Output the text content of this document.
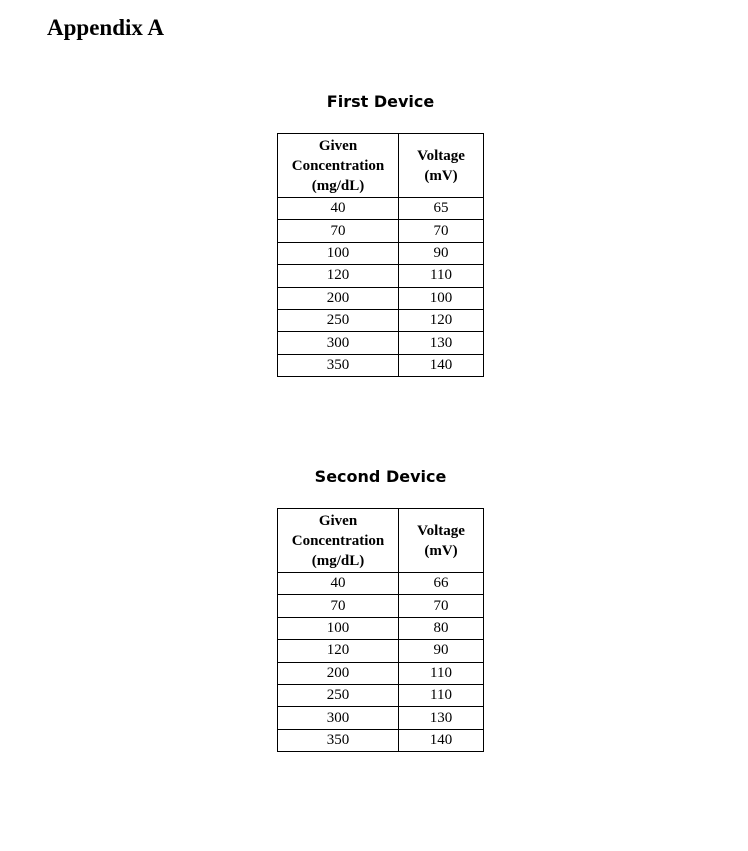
Appendix A
First Device
Given Concentration (mg/dL)	Voltage (mV)
40	65
70	70
100	90
120	110
200	100
250	120
300	130
350	140
Second Device
Given Concentration (mg/dL)	Voltage (mV)
40	66
70	70
100	80
120	90
200	110
250	110
300	130
350	140
